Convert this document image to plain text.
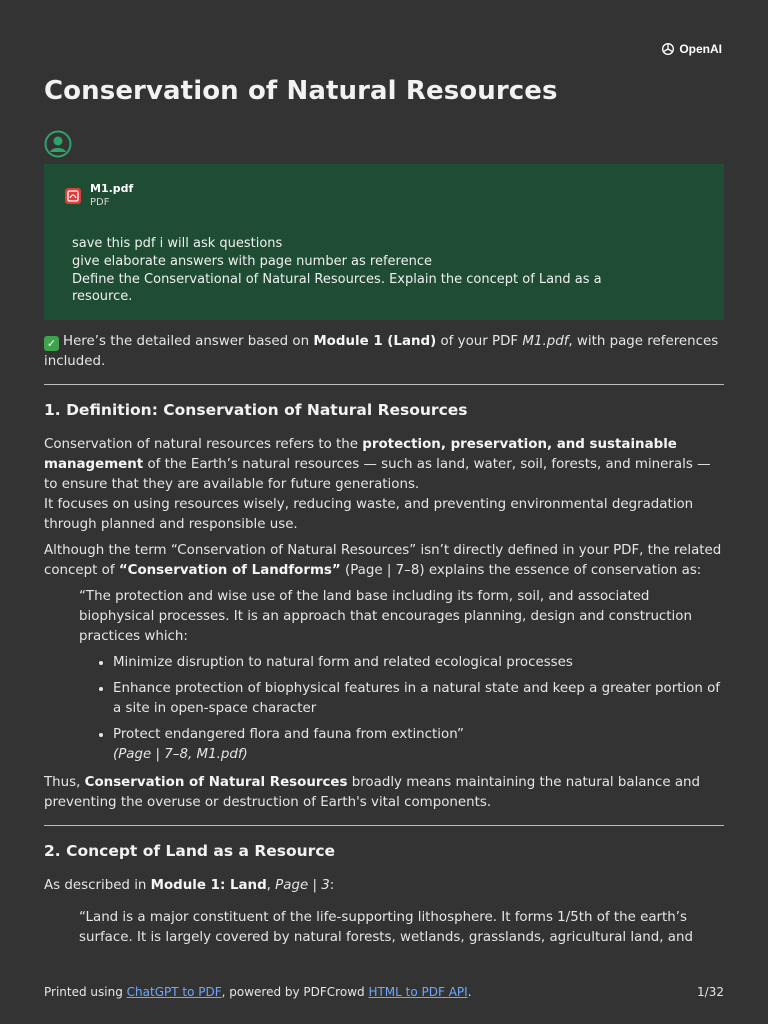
OpenAI
Conservation of Natural Resources
M1.pdf
PDF
save this pdf i will ask questions
give elaborate answers with page number as reference
Define the Conservational of Natural Resources. Explain the concept of Land as a
resource.

✓ Here’s the detailed answer based on Module 1 (Land) of your PDF M1.pdf, with page references included.

1. Definition: Conservation of Natural Resources

Conservation of natural resources refers to the protection, preservation, and sustainable management of the Earth’s natural resources — such as land, water, soil, forests, and minerals — to ensure that they are available for future generations.
It focuses on using resources wisely, reducing waste, and preventing environmental degradation through planned and responsible use.

Although the term “Conservation of Natural Resources” isn’t directly defined in your PDF, the related concept of “Conservation of Landforms” (Page | 7–8) explains the essence of conservation as:

“The protection and wise use of the land base including its form, soil, and associated biophysical processes. It is an approach that encourages planning, design and construction practices which:

• Minimize disruption to natural form and related ecological processes
• Enhance protection of biophysical features in a natural state and keep a greater portion of a site in open-space character
• Protect endangered flora and fauna from extinction”
(Page | 7–8, M1.pdf)

Thus, Conservation of Natural Resources broadly means maintaining the natural balance and preventing the overuse or destruction of Earth's vital components.

2. Concept of Land as a Resource

As described in Module 1: Land, Page | 3:

“Land is a major constituent of the life-supporting lithosphere. It forms 1/5th of the earth’s surface. It is largely covered by natural forests, wetlands, grasslands, agricultural land, and

Printed using ChatGPT to PDF, powered by PDFCrowd HTML to PDF API.	1/32
